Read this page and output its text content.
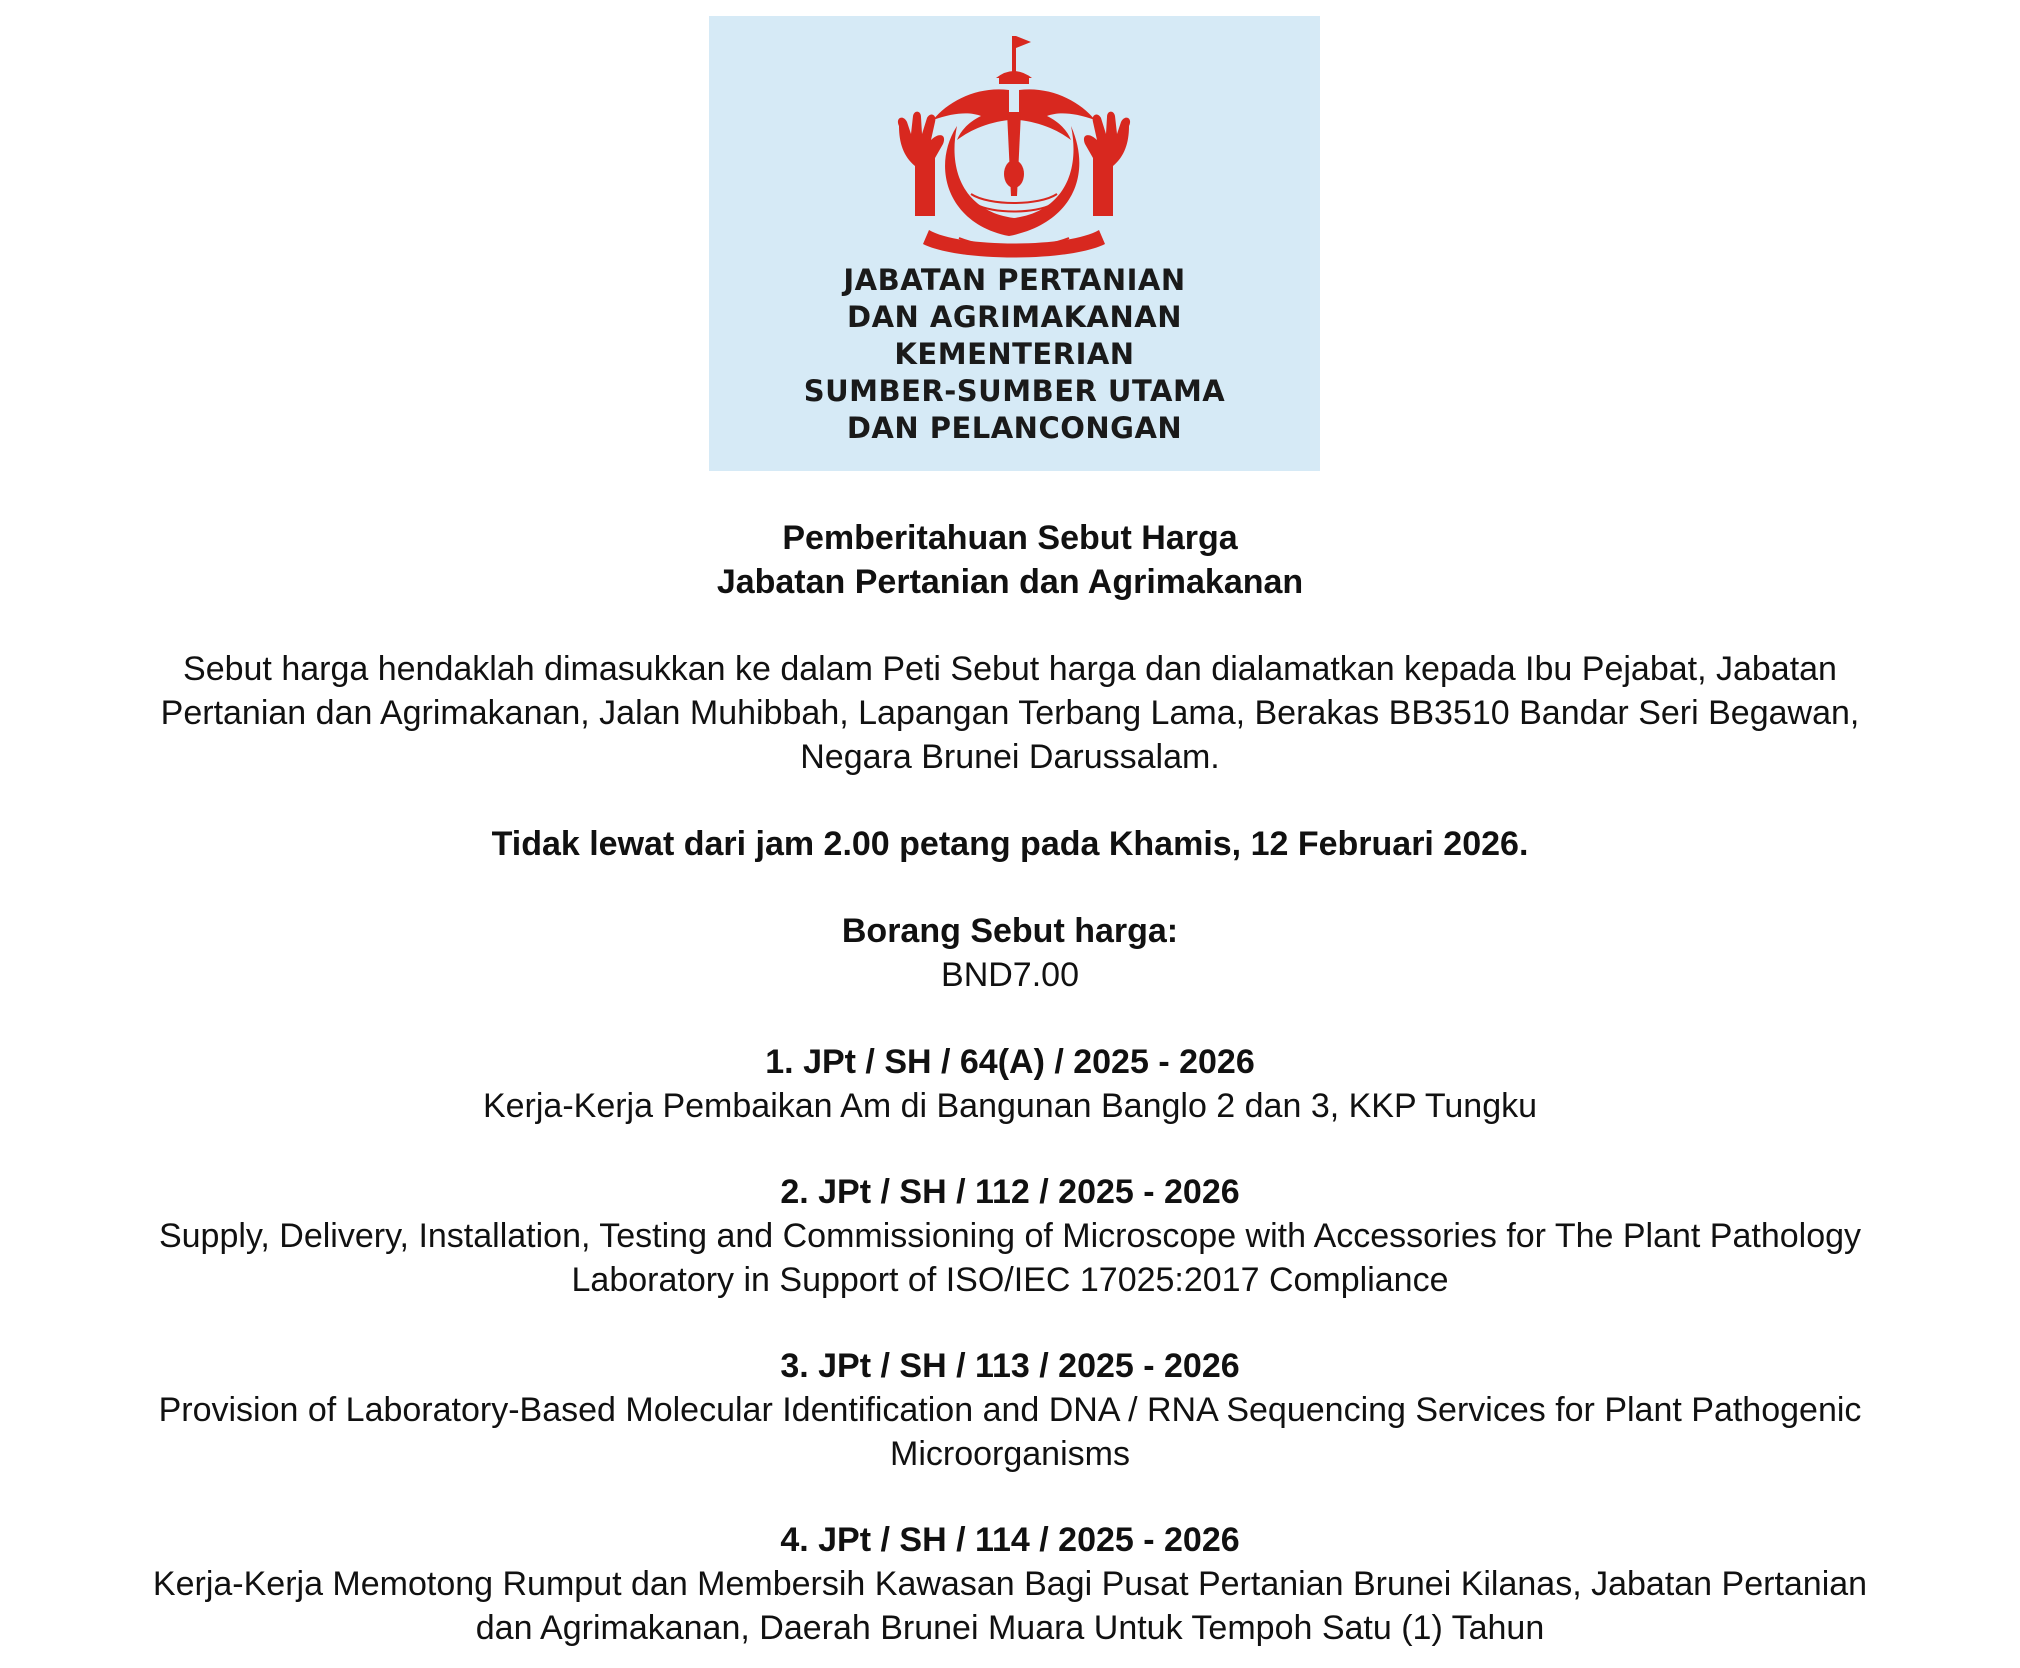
JABATAN PERTANIAN
DAN AGRIMAKANAN
KEMENTERIAN
SUMBER-SUMBER UTAMA
DAN PELANCONGAN
Pemberitahuan Sebut Harga
Jabatan Pertanian dan Agrimakanan
Sebut harga hendaklah dimasukkan ke dalam Peti Sebut harga dan dialamatkan kepada Ibu Pejabat, Jabatan
Pertanian dan Agrimakanan, Jalan Muhibbah, Lapangan Terbang Lama, Berakas BB3510 Bandar Seri Begawan,
Negara Brunei Darussalam.
Tidak lewat dari jam 2.00 petang pada Khamis, 12 Februari 2026.
Borang Sebut harga:
BND7.00
1. JPt / SH / 64(A) / 2025 - 2026
Kerja-Kerja Pembaikan Am di Bangunan Banglo 2 dan 3, KKP Tungku
2. JPt / SH / 112 / 2025 - 2026
Supply, Delivery, Installation, Testing and Commissioning of Microscope with Accessories for The Plant Pathology
Laboratory in Support of ISO/IEC 17025:2017 Compliance
3. JPt / SH / 113 / 2025 - 2026
Provision of Laboratory-Based Molecular Identification and DNA / RNA Sequencing Services for Plant Pathogenic
Microorganisms
4. JPt / SH / 114 / 2025 - 2026
Kerja-Kerja Memotong Rumput dan Membersih Kawasan Bagi Pusat Pertanian Brunei Kilanas, Jabatan Pertanian
dan Agrimakanan, Daerah Brunei Muara Untuk Tempoh Satu (1) Tahun
